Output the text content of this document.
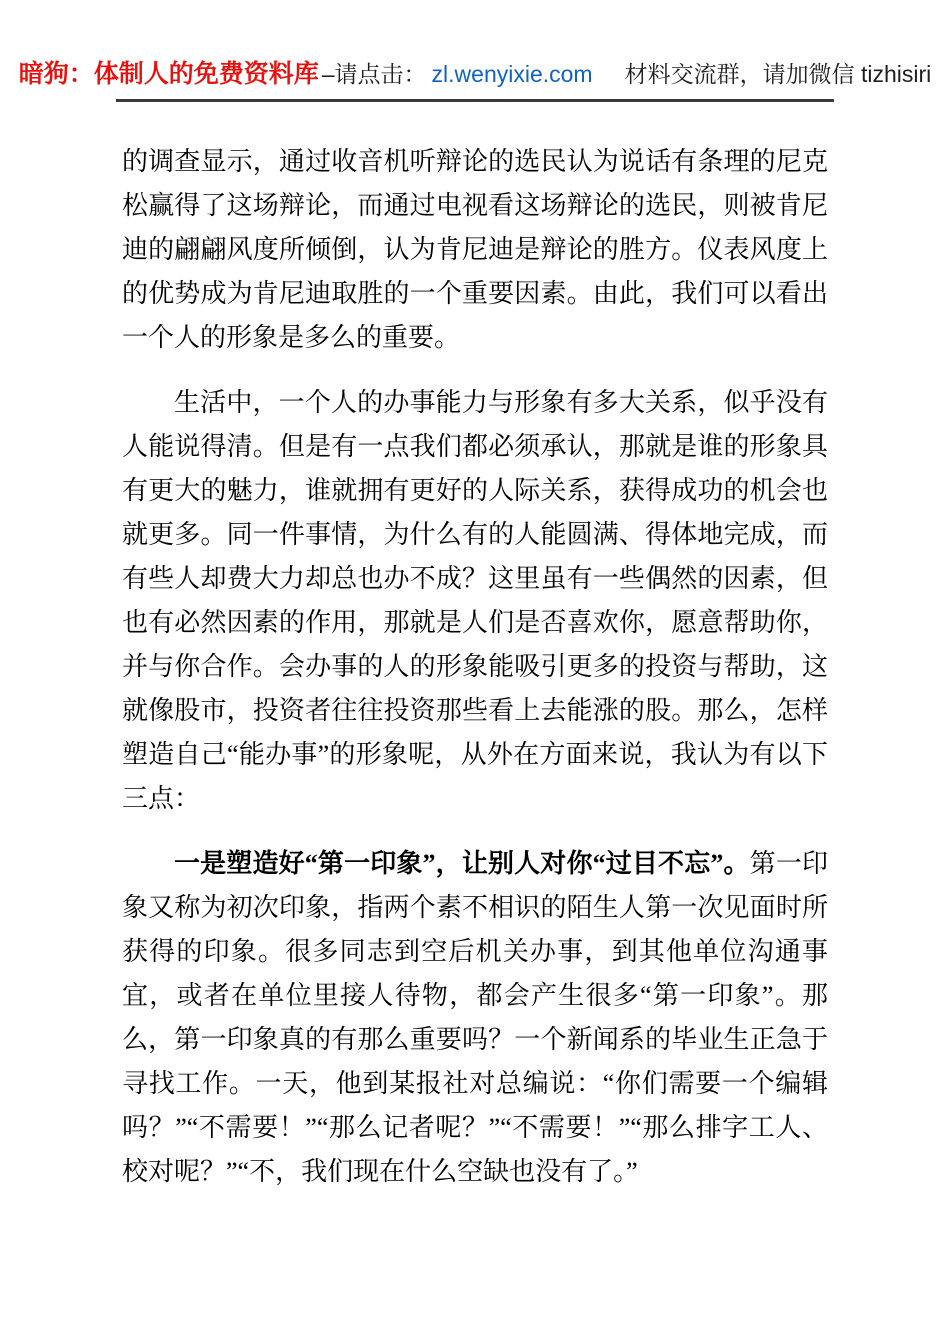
暗狗：体制人的免费资料库 –请点击： zl.wenyixie.com 材料交流群，请加微信 tizhisiri

的调查显示，通过收音机听辩论的选民认为说话有条理的尼克松赢得了这场辩论，而通过电视看这场辩论的选民，则被肯尼迪的翩翩风度所倾倒，认为肯尼迪是辩论的胜方。仪表风度上的优势成为肯尼迪取胜的一个重要因素。由此，我们可以看出一个人的形象是多么的重要。

生活中，一个人的办事能力与形象有多大关系，似乎没有人能说得清。但是有一点我们都必须承认，那就是谁的形象具有更大的魅力，谁就拥有更好的人际关系，获得成功的机会也就更多。同一件事情，为什么有的人能圆满、得体地完成，而有些人却费大力却总也办不成？这里虽有一些偶然的因素，但也有必然因素的作用，那就是人们是否喜欢你，愿意帮助你，并与你合作。会办事的人的形象能吸引更多的投资与帮助，这就像股市，投资者往往投资那些看上去能涨的股。那么，怎样塑造自己“能办事”的形象呢，从外在方面来说，我认为有以下三点：

一是塑造好“第一印象”，让别人对你“过目不忘”。第一印象又称为初次印象，指两个素不相识的陌生人第一次见面时所获得的印象。很多同志到空后机关办事，到其他单位沟通事宜，或者在单位里接人待物，都会产生很多“第一印象”。那么，第一印象真的有那么重要吗？一个新闻系的毕业生正急于寻找工作。一天，他到某报社对总编说：“你们需要一个编辑吗？”“不需要！”“那么记者呢？”“不需要！”“那么排字工人、校对呢？”“不，我们现在什么空缺也没有了。”
